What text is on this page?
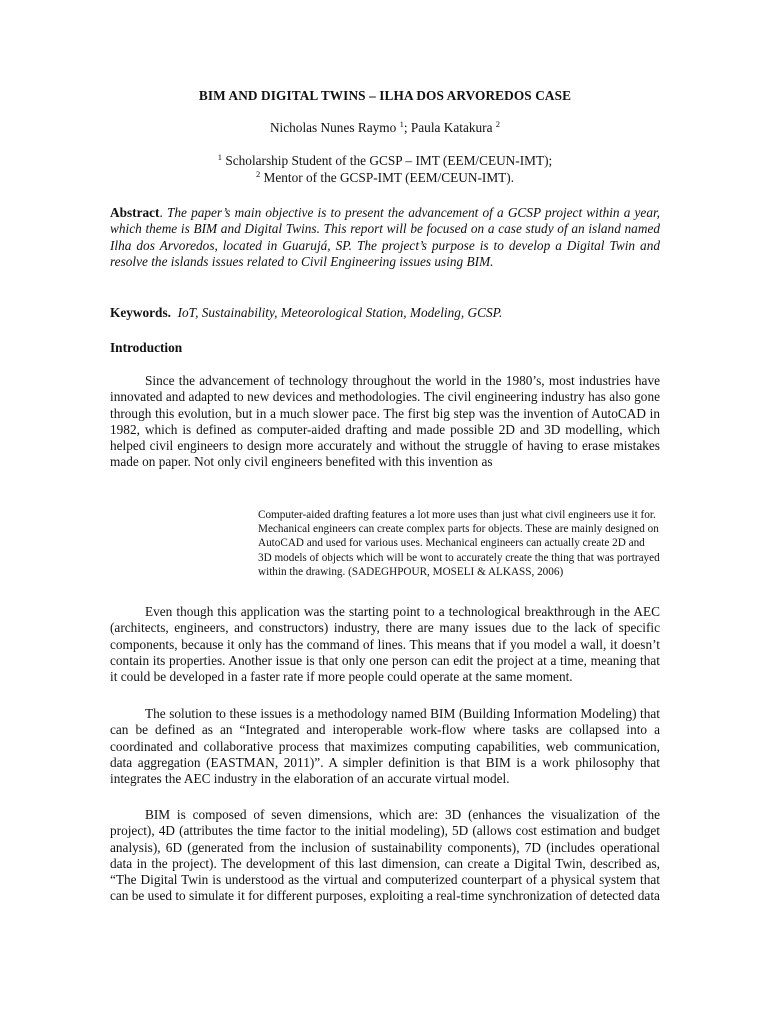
BIM AND DIGITAL TWINS – ILHA DOS ARVOREDOS CASE
Nicholas Nunes Raymo $^1$; Paula Katakura $^2$
$^1$ Scholarship Student of the GCSP – IMT (EEM/CEUN-IMT);
$^2$ Mentor of the GCSP-IMT (EEM/CEUN-IMT).
Abstract. The paper’s main objective is to present the advancement of a GCSP project within a year, which theme is BIM and Digital Twins. This report will be focused on a case study of an island named Ilha dos Arvoredos, located in Guarujá, SP. The project’s purpose is to develop a Digital Twin and resolve the islands issues related to Civil Engineering issues using BIM.
Keywords. IoT, Sustainability, Meteorological Station, Modeling, GCSP.
Introduction
Since the advancement of technology throughout the world in the 1980’s, most industries have innovated and adapted to new devices and methodologies. The civil engineering industry has also gone through this evolution, but in a much slower pace. The first big step was the invention of AutoCAD in 1982, which is defined as computer-aided drafting and made possible 2D and 3D modelling, which helped civil engineers to design more accurately and without the struggle of having to erase mistakes made on paper. Not only civil engineers benefited with this invention as
Computer-aided drafting features a lot more uses than just what civil engineers use it for. Mechanical engineers can create complex parts for objects. These are mainly designed on AutoCAD and used for various uses. Mechanical engineers can actually create 2D and 3D models of objects which will be wont to accurately create the thing that was portrayed within the drawing. (SADEGHPOUR, MOSELI & ALKASS, 2006)
Even though this application was the starting point to a technological breakthrough in the AEC (architects, engineers, and constructors) industry, there are many issues due to the lack of specific components, because it only has the command of lines. This means that if you model a wall, it doesn’t contain its properties. Another issue is that only one person can edit the project at a time, meaning that it could be developed in a faster rate if more people could operate at the same moment.
The solution to these issues is a methodology named BIM (Building Information Modeling) that can be defined as an “Integrated and interoperable work-flow where tasks are collapsed into a coordinated and collaborative process that maximizes computing capabilities, web communication, data aggregation (EASTMAN, 2011)”. A simpler definition is that BIM is a work philosophy that integrates the AEC industry in the elaboration of an accurate virtual model.
BIM is composed of seven dimensions, which are: 3D (enhances the visualization of the project), 4D (attributes the time factor to the initial modeling), 5D (allows cost estimation and budget analysis), 6D (generated from the inclusion of sustainability components), 7D (includes operational data in the project). The development of this last dimension, can create a Digital Twin, described as, “The Digital Twin is understood as the virtual and computerized counterpart of a physical system that can be used to simulate it for different purposes, exploiting a real-time synchronization of detected data
